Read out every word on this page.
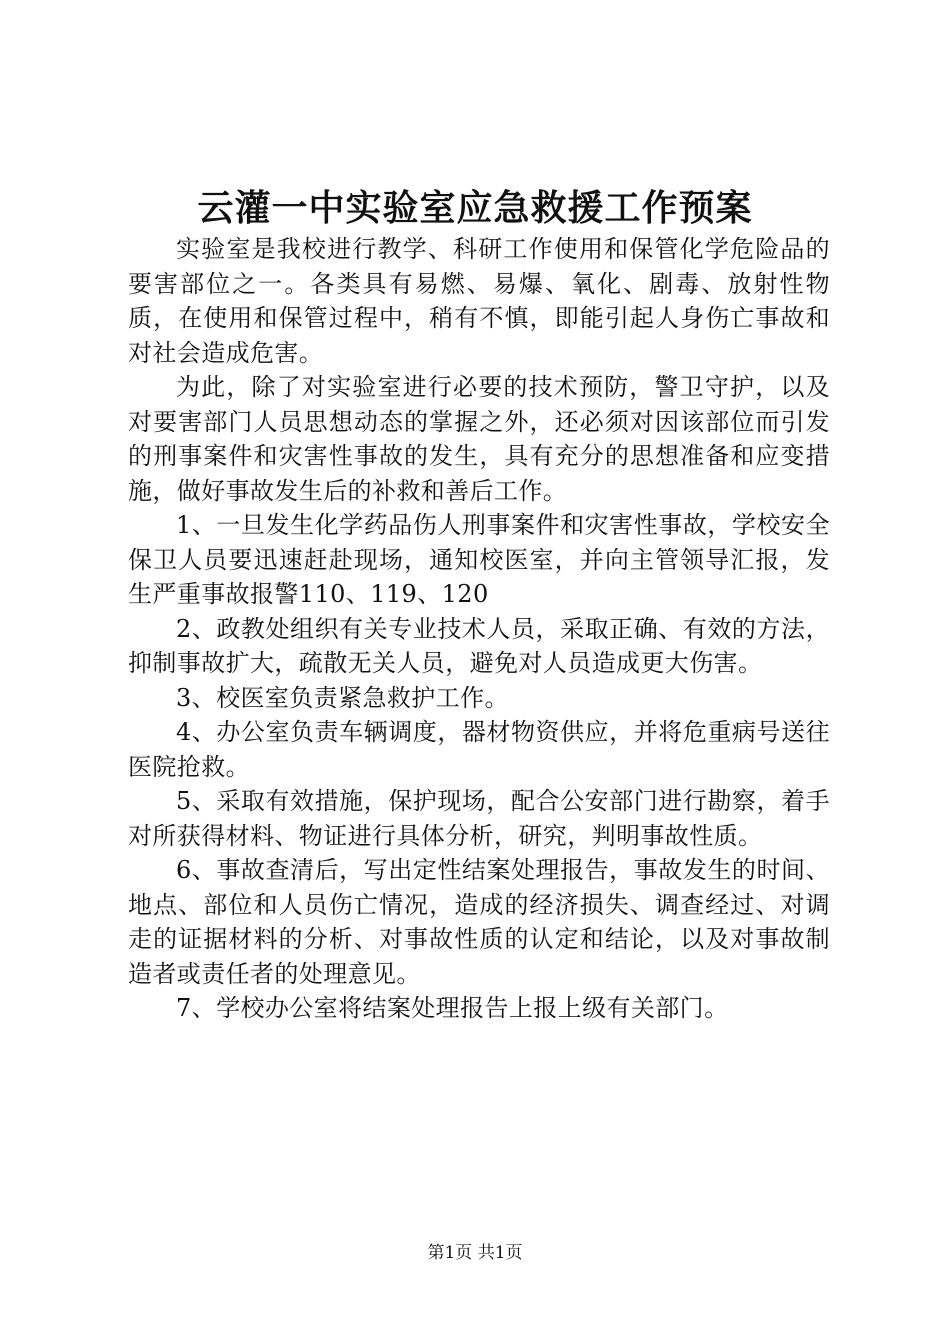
云灌一中实验室应急救援工作预案

实验室是我校进行教学、科研工作使用和保管化学危险品的要害部位之一。各类具有易燃、易爆、氧化、剧毒、放射性物质，在使用和保管过程中，稍有不慎，即能引起人身伤亡事故和对社会造成危害。

为此，除了对实验室进行必要的技术预防，警卫守护，以及对要害部门人员思想动态的掌握之外，还必须对因该部位而引发的刑事案件和灾害性事故的发生，具有充分的思想准备和应变措施，做好事故发生后的补救和善后工作。

1、一旦发生化学药品伤人刑事案件和灾害性事故，学校安全保卫人员要迅速赶赴现场，通知校医室，并向主管领导汇报，发生严重事故报警110、119、120

2、政教处组织有关专业技术人员，采取正确、有效的方法，抑制事故扩大，疏散无关人员，避免对人员造成更大伤害。

3、校医室负责紧急救护工作。

4、办公室负责车辆调度，器材物资供应，并将危重病号送往医院抢救。

5、采取有效措施，保护现场，配合公安部门进行勘察，着手对所获得材料、物证进行具体分析，研究，判明事故性质。

6、事故查清后，写出定性结案处理报告，事故发生的时间、地点、部位和人员伤亡情况，造成的经济损失、调查经过、对调走的证据材料的分析、对事故性质的认定和结论，以及对事故制造者或责任者的处理意见。

7、学校办公室将结案处理报告上报上级有关部门。

第1页 共1页
